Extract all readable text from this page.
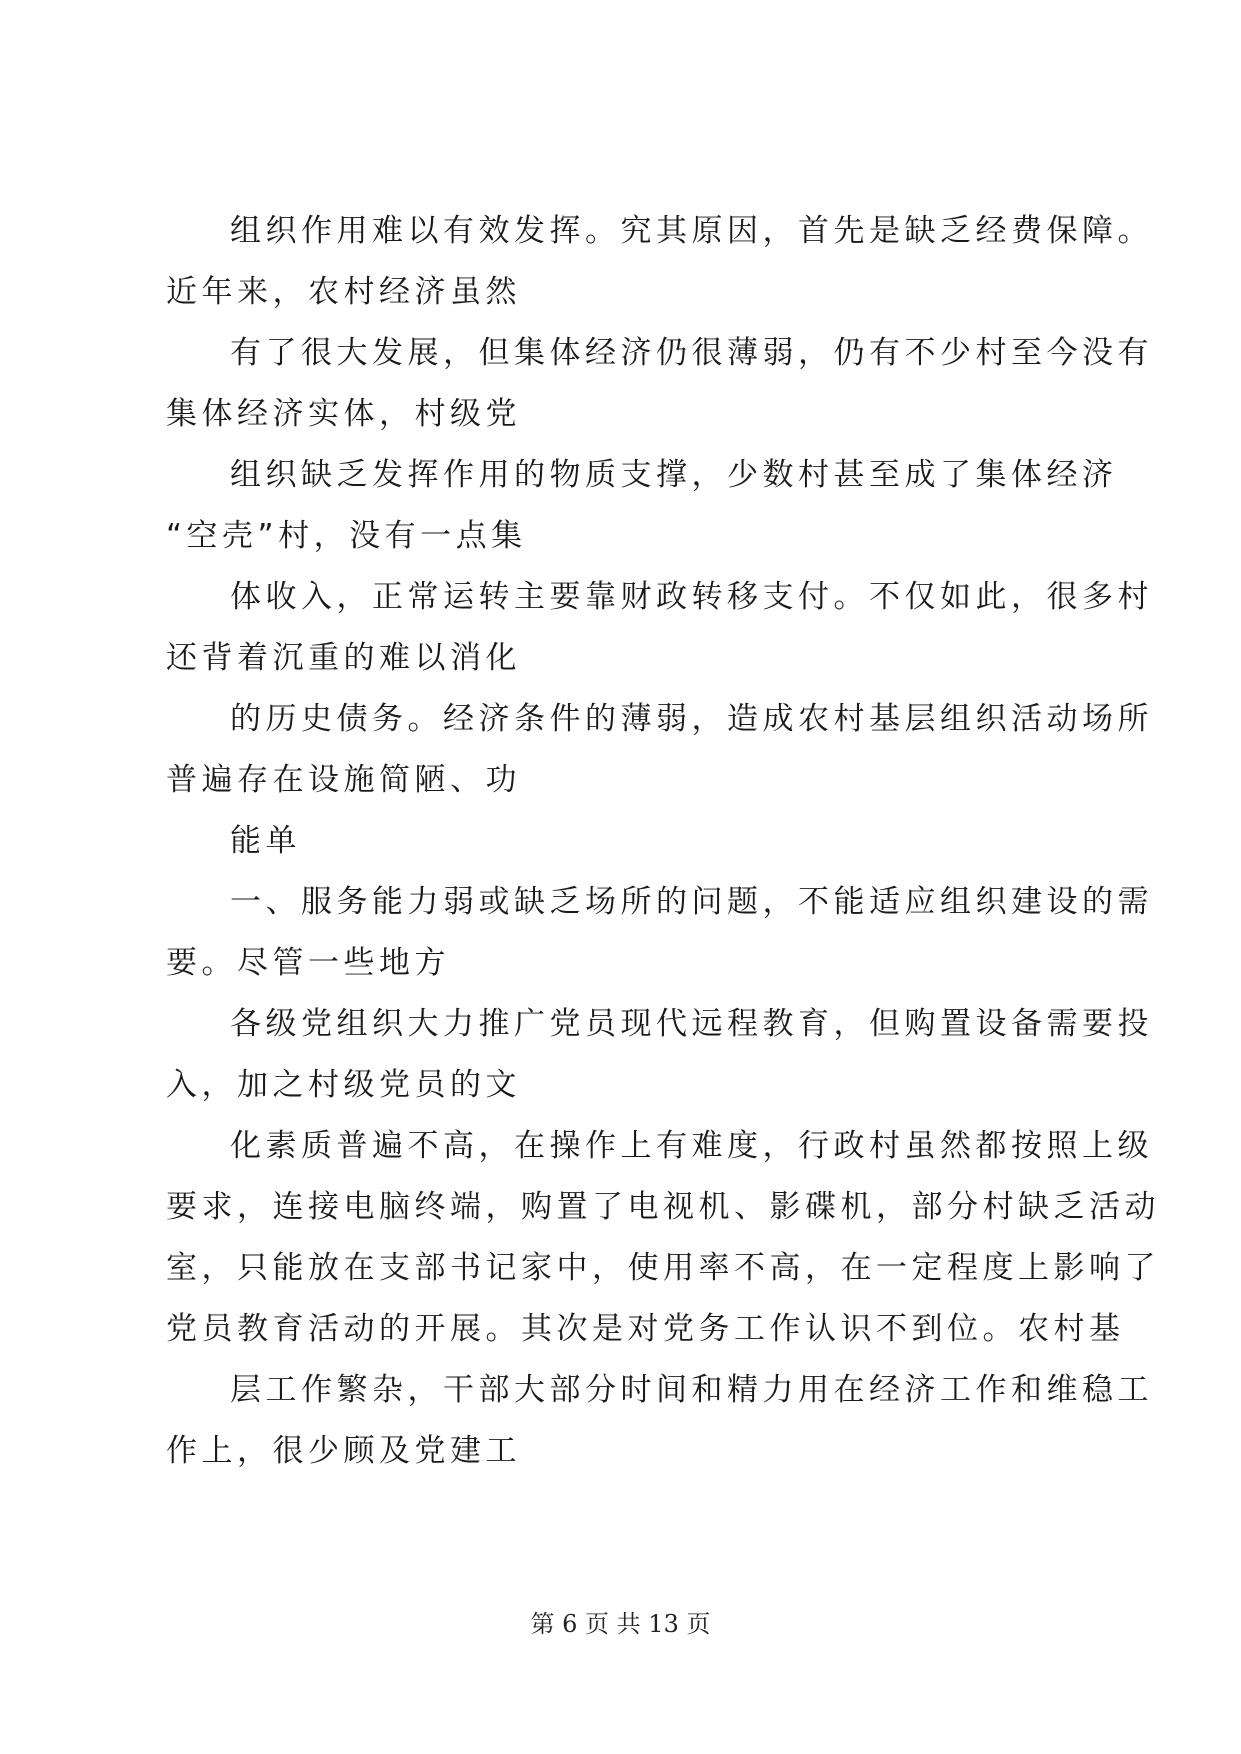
组织作用难以有效发挥。究其原因，首先是缺乏经费保障。
近年来，农村经济虽然
有了很大发展，但集体经济仍很薄弱，仍有不少村至今没有
集体经济实体，村级党
组织缺乏发挥作用的物质支撑，少数村甚至成了集体经济
“空壳”村，没有一点集
体收入，正常运转主要靠财政转移支付。不仅如此，很多村
还背着沉重的难以消化
的历史债务。经济条件的薄弱，造成农村基层组织活动场所
普遍存在设施简陋、功
能单
一、服务能力弱或缺乏场所的问题，不能适应组织建设的需
要。尽管一些地方
各级党组织大力推广党员现代远程教育，但购置设备需要投
入，加之村级党员的文
化素质普遍不高，在操作上有难度，行政村虽然都按照上级
要求，连接电脑终端，购置了电视机、影碟机，部分村缺乏活动
室，只能放在支部书记家中，使用率不高，在一定程度上影响了
党员教育活动的开展。其次是对党务工作认识不到位。农村基
层工作繁杂，干部大部分时间和精力用在经济工作和维稳工
作上，很少顾及党建工
第 6 页 共 13 页
